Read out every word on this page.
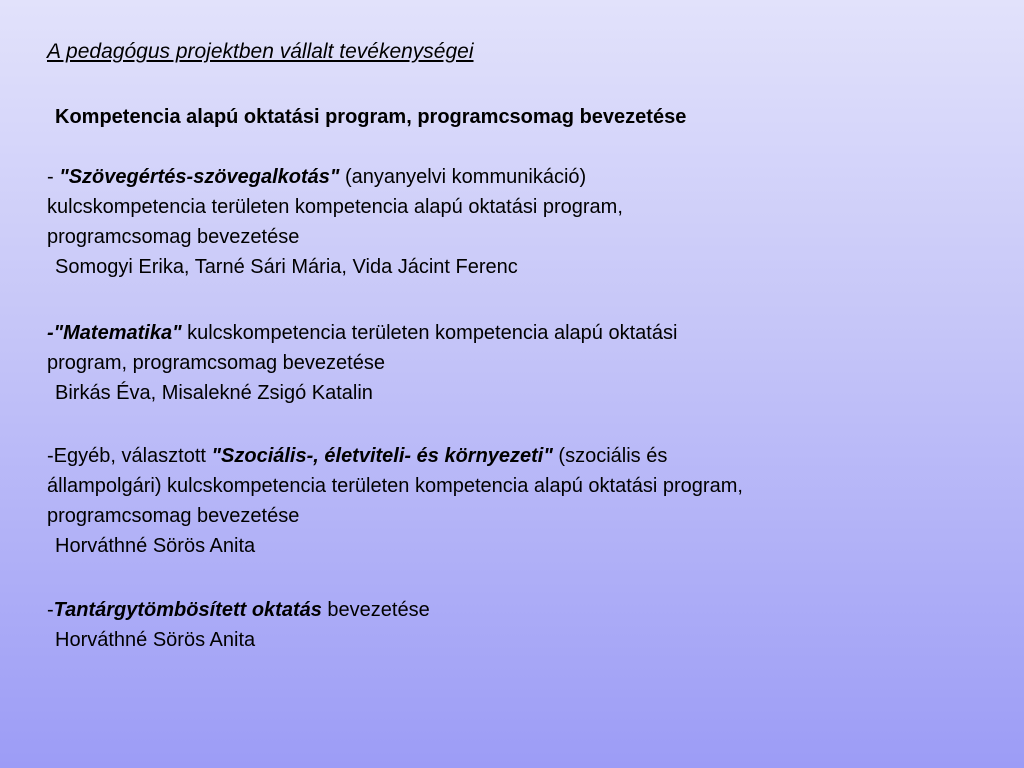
A pedagógus projektben vállalt tevékenységei
Kompetencia alapú oktatási program, programcsomag bevezetése

- "Szövegértés-szövegalkotás" (anyanyelvi kommunikáció)

kulcskompetencia területen kompetencia alapú oktatási program,

programcsomag bevezetése

Somogyi Erika, Tarné Sári Mária, Vida Jácint Ferenc

-"Matematika" kulcskompetencia területen kompetencia alapú oktatási

program, programcsomag bevezetése

Birkás Éva, Misalekné Zsigó Katalin

-Egyéb, választott "Szociális-, életviteli- és környezeti" (szociális és

állampolgári) kulcskompetencia területen kompetencia alapú oktatási program,

programcsomag bevezetése

Horváthné Sörös Anita

-Tantárgytömbösített oktatás bevezetése

Horváthné Sörös Anita
